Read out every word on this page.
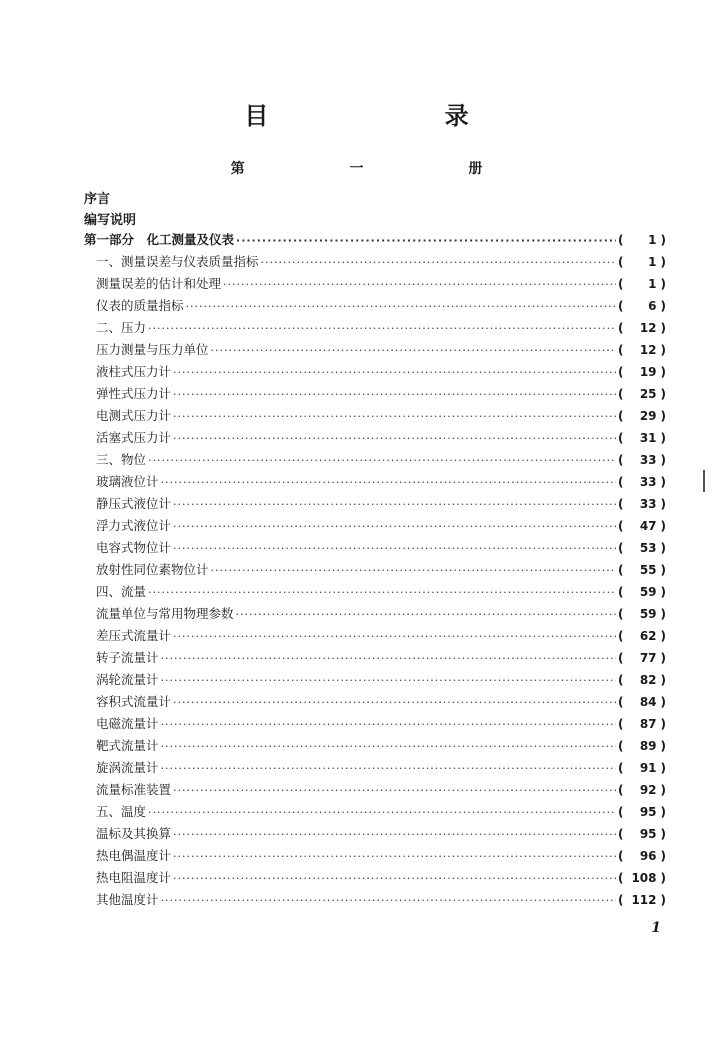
目 录
第 一 册
序言
编写说明
第一部分　化工测量及仪表 ·····	(	1 )
一、测量误差与仪表质量指标 ·····	(	1 )
测量误差的估计和处理 ·····	(	1 )
仪表的质量指标 ·····	(	6 )
二、压力 ·····	(	12 )
压力测量与压力单位 ·····	(	12 )
液柱式压力计 ·····	(	19 )
弹性式压力计 ·····	(	25 )
电测式压力计 ·····	(	29 )
活塞式压力计 ·····	(	31 )
三、物位 ·····	(	33 )
玻璃液位计 ·····	(	33 )
静压式液位计 ·····	(	33 )
浮力式液位计 ·····	(	47 )
电容式物位计 ·····	(	53 )
放射性同位素物位计 ·····	(	55 )
四、流量 ·····	(	59 )
流量单位与常用物理参数 ·····	(	59 )
差压式流量计 ·····	(	62 )
转子流量计 ·····	(	77 )
涡轮流量计 ·····	(	82 )
容积式流量计 ·····	(	84 )
电磁流量计 ·····	(	87 )
靶式流量计 ·····	(	89 )
旋涡流量计 ·····	(	91 )
流量标准装置 ·····	(	92 )
五、温度 ·····	(	95 )
温标及其换算 ·····	(	95 )
热电偶温度计 ·····	(	96 )
热电阻温度计 ·····	( 108 )
其他温度计 ·····	( 112 )
1
